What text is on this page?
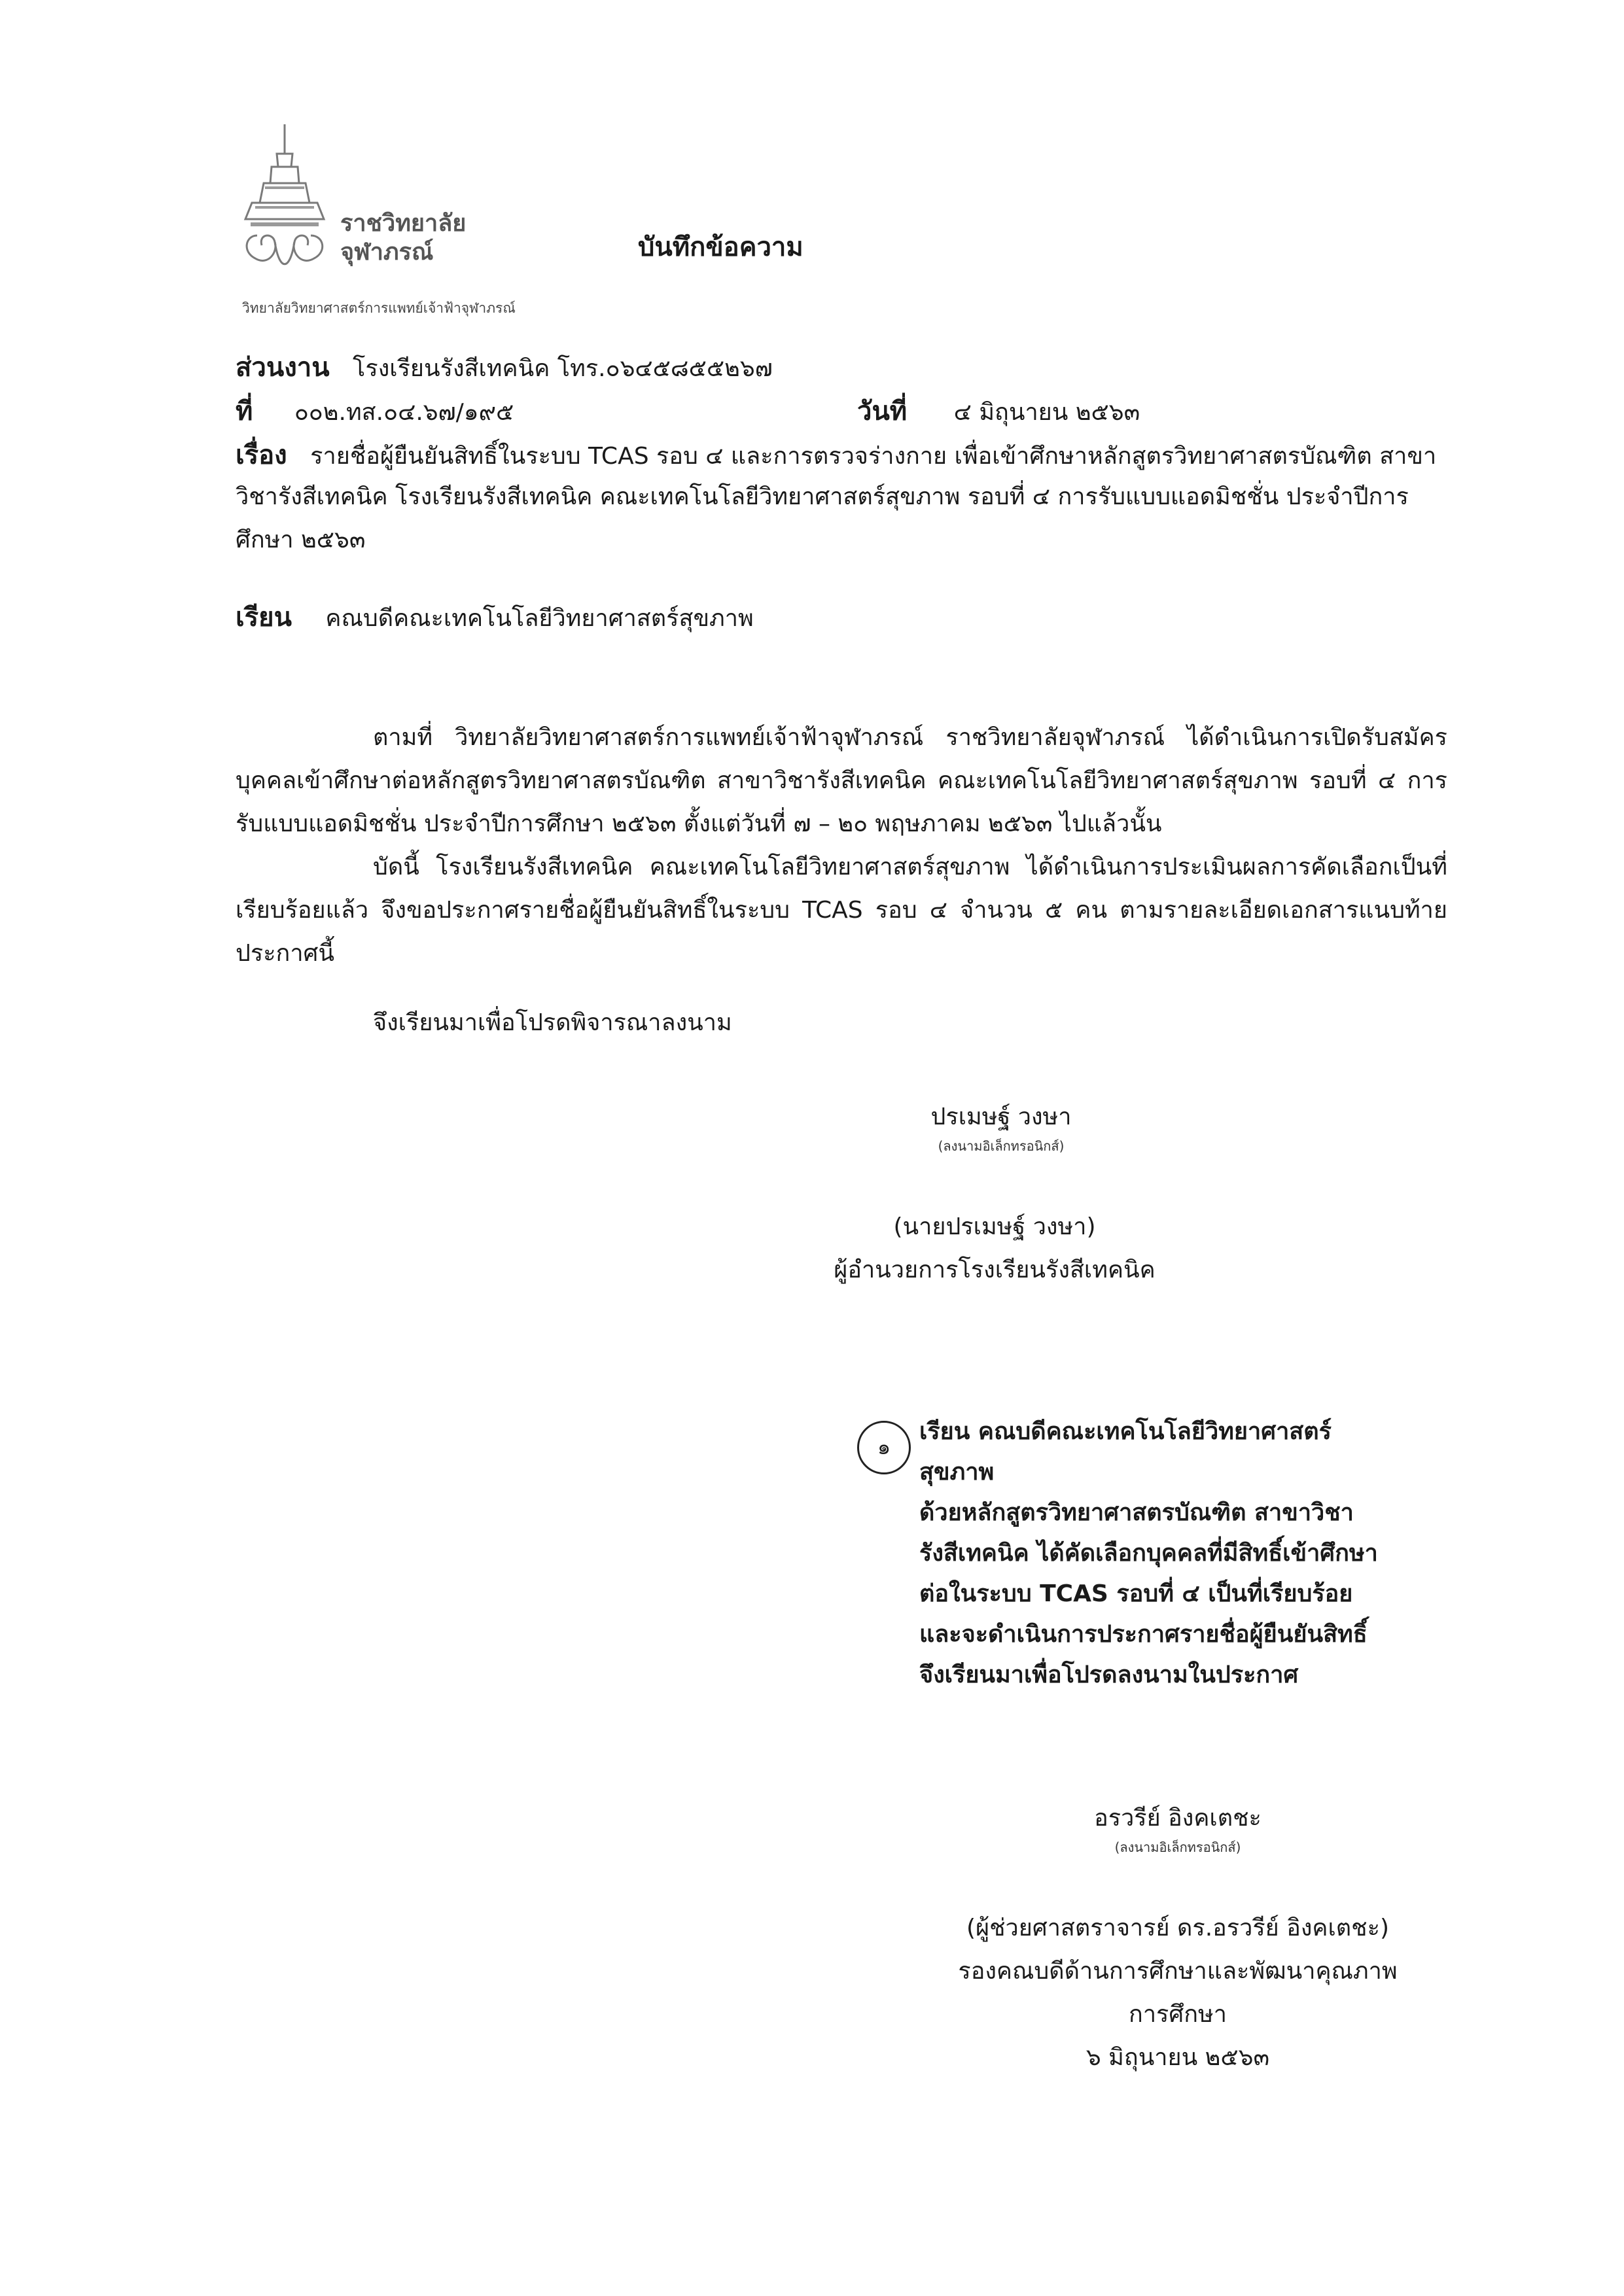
ราชวิทยาลัย
จุฬาภรณ์
วิทยาลัยวิทยาศาสตร์การแพทย์เจ้าฟ้าจุฬาภรณ์
บันทึกข้อความ
ส่วนงาน โรงเรียนรังสีเทคนิค โทร.๐๖๔๕๘๕๕๒๖๗
ที่ ๐๐๒.ทส.๐๔.๖๗/๑๙๕	วันที่ ๔ มิถุนายน ๒๕๖๓
เรื่อง รายชื่อผู้ยืนยันสิทธิ์ในระบบ TCAS รอบ ๔ และการตรวจร่างกาย เพื่อเข้าศึกษาหลักสูตรวิทยาศาสตรบัณฑิต สาขา
วิชารังสีเทคนิค โรงเรียนรังสีเทคนิค คณะเทคโนโลยีวิทยาศาสตร์สุขภาพ รอบที่ ๔ การรับแบบแอดมิชชั่น ประจำปีการ
ศึกษา ๒๕๖๓
เรียน คณบดีคณะเทคโนโลยีวิทยาศาสตร์สุขภาพ
ตามที่ วิทยาลัยวิทยาศาสตร์การแพทย์เจ้าฟ้าจุฬาภรณ์ ราชวิทยาลัยจุฬาภรณ์ ได้ดำเนินการเปิดรับสมัครบุคคลเข้าศึกษาต่อหลักสูตรวิทยาศาสตรบัณฑิต สาขาวิชารังสีเทคนิค คณะเทคโนโลยีวิทยาศาสตร์สุขภาพ รอบที่ ๔ การรับแบบแอดมิชชั่น ประจำปีการศึกษา ๒๕๖๓ ตั้งแต่วันที่ ๗ – ๒๐ พฤษภาคม ๒๕๖๓ ไปแล้วนั้น
บัดนี้ โรงเรียนรังสีเทคนิค คณะเทคโนโลยีวิทยาศาสตร์สุขภาพ ได้ดำเนินการประเมินผลการคัดเลือกเป็นที่เรียบร้อยแล้ว จึงขอประกาศรายชื่อผู้ยืนยันสิทธิ์ในระบบ TCAS รอบ ๔ จำนวน ๕ คน ตามรายละเอียดเอกสารแนบท้ายประกาศนี้
จึงเรียนมาเพื่อโปรดพิจารณาลงนาม
ปรเมษฐ์ วงษา
(ลงนามอิเล็กทรอนิกส์)
(นายปรเมษฐ์ วงษา)
ผู้อำนวยการโรงเรียนรังสีเทคนิค
๑
เรียน คณบดีคณะเทคโนโลยีวิทยาศาสตร์
สุขภาพ
ด้วยหลักสูตรวิทยาศาสตรบัณฑิต สาขาวิชา
รังสีเทคนิค ได้คัดเลือกบุคคลที่มีสิทธิ์เข้าศึกษา
ต่อในระบบ TCAS รอบที่ ๔ เป็นที่เรียบร้อย
และจะดำเนินการประกาศรายชื่อผู้ยืนยันสิทธิ์
จึงเรียนมาเพื่อโปรดลงนามในประกาศ
อรวรีย์ อิงคเตชะ
(ลงนามอิเล็กทรอนิกส์)
(ผู้ช่วยศาสตราจารย์ ดร.อรวรีย์ อิงคเตชะ)
รองคณบดีด้านการศึกษาและพัฒนาคุณภาพ
การศึกษา
๖ มิถุนายน ๒๕๖๓
